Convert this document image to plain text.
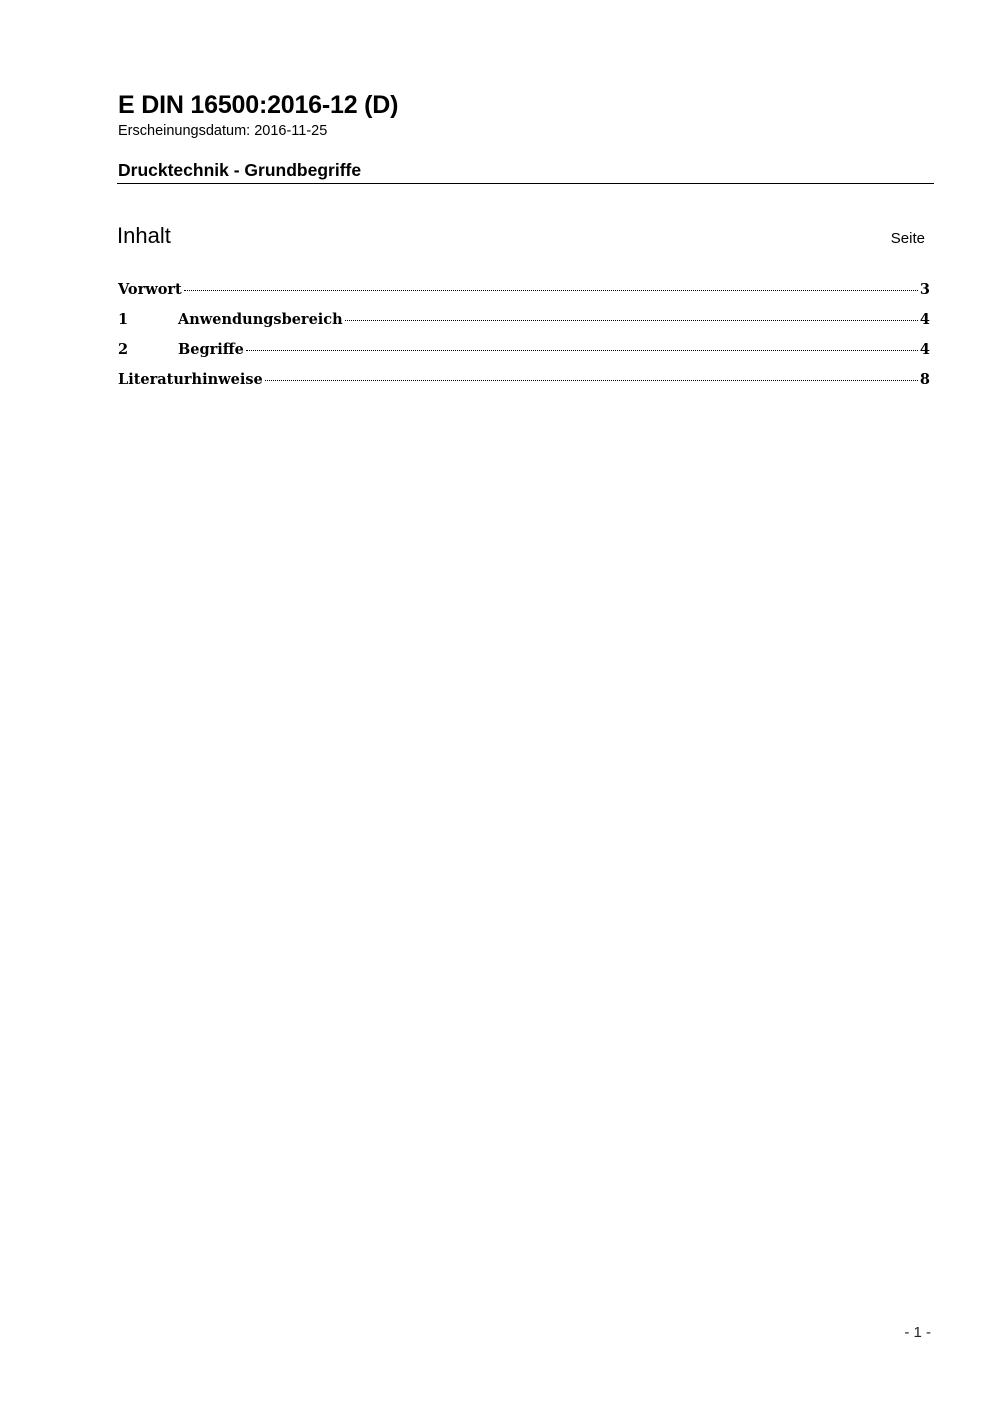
E DIN 16500:2016-12 (D)
Erscheinungsdatum: 2016-11-25
Drucktechnik - Grundbegriffe
Inhalt	Seite
Vorwort	3
1	Anwendungsbereich	4
2	Begriffe	4
Literaturhinweise	8
- 1 -
